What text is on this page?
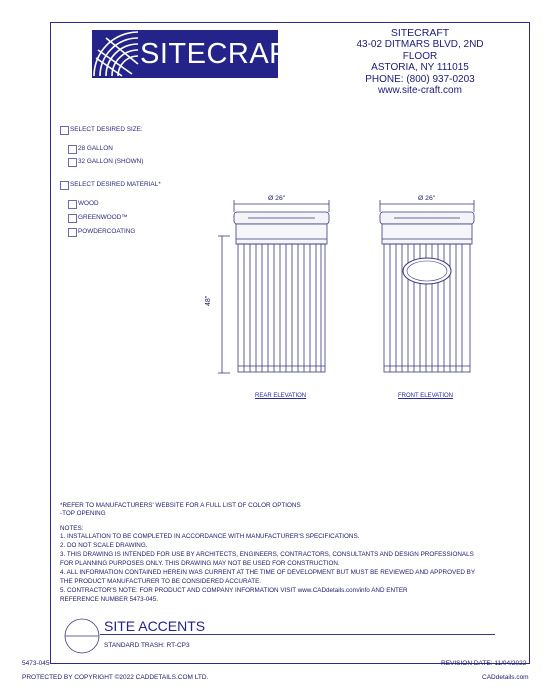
SITECRAFT
SITECRAFT
43-02 DITMARS BLVD, 2ND FLOOR
ASTORIA, NY 111015
PHONE: (800) 937-0203
www.site-craft.com
SELECT DESIRED SIZE:
28 GALLON
32 GALLON (SHOWN)
SELECT DESIRED MATERIAL*
WOOD
GREENWOOD™
POWDERCOATING
Ø 26"
48"
REAR ELEVATION
Ø 26"
FRONT ELEVATION
*REFER TO MANUFACTURERS' WEBSITE FOR A FULL LIST OF COLOR OPTIONS
-TOP OPENING
NOTES:
1. INSTALLATION TO BE COMPLETED IN ACCORDANCE WITH MANUFACTURER'S SPECIFICATIONS.
2. DO NOT SCALE DRAWING.
3. THIS DRAWING IS INTENDED FOR USE BY ARCHITECTS, ENGINEERS, CONTRACTORS, CONSULTANTS AND DESIGN PROFESSIONALS
FOR PLANNING PURPOSES ONLY. THIS DRAWING MAY NOT BE USED FOR CONSTRUCTION.
4. ALL INFORMATION CONTAINED HEREIN WAS CURRENT AT THE TIME OF DEVELOPMENT BUT MUST BE REVIEWED AND APPROVED BY
THE PRODUCT MANUFACTURER TO BE CONSIDERED ACCURATE.
5. CONTRACTOR'S NOTE: FOR PRODUCT AND COMPANY INFORMATION VISIT www.CADdetails.com/info AND ENTER
REFERENCE NUMBER 5473-045.
SITE ACCENTS
STANDARD TRASH: RT-CP3
5473-045	REVISION DATE: 11/04/2022
PROTECTED BY COPYRIGHT ©2022 CADDETAILS.COM LTD.	CADdetails.com
